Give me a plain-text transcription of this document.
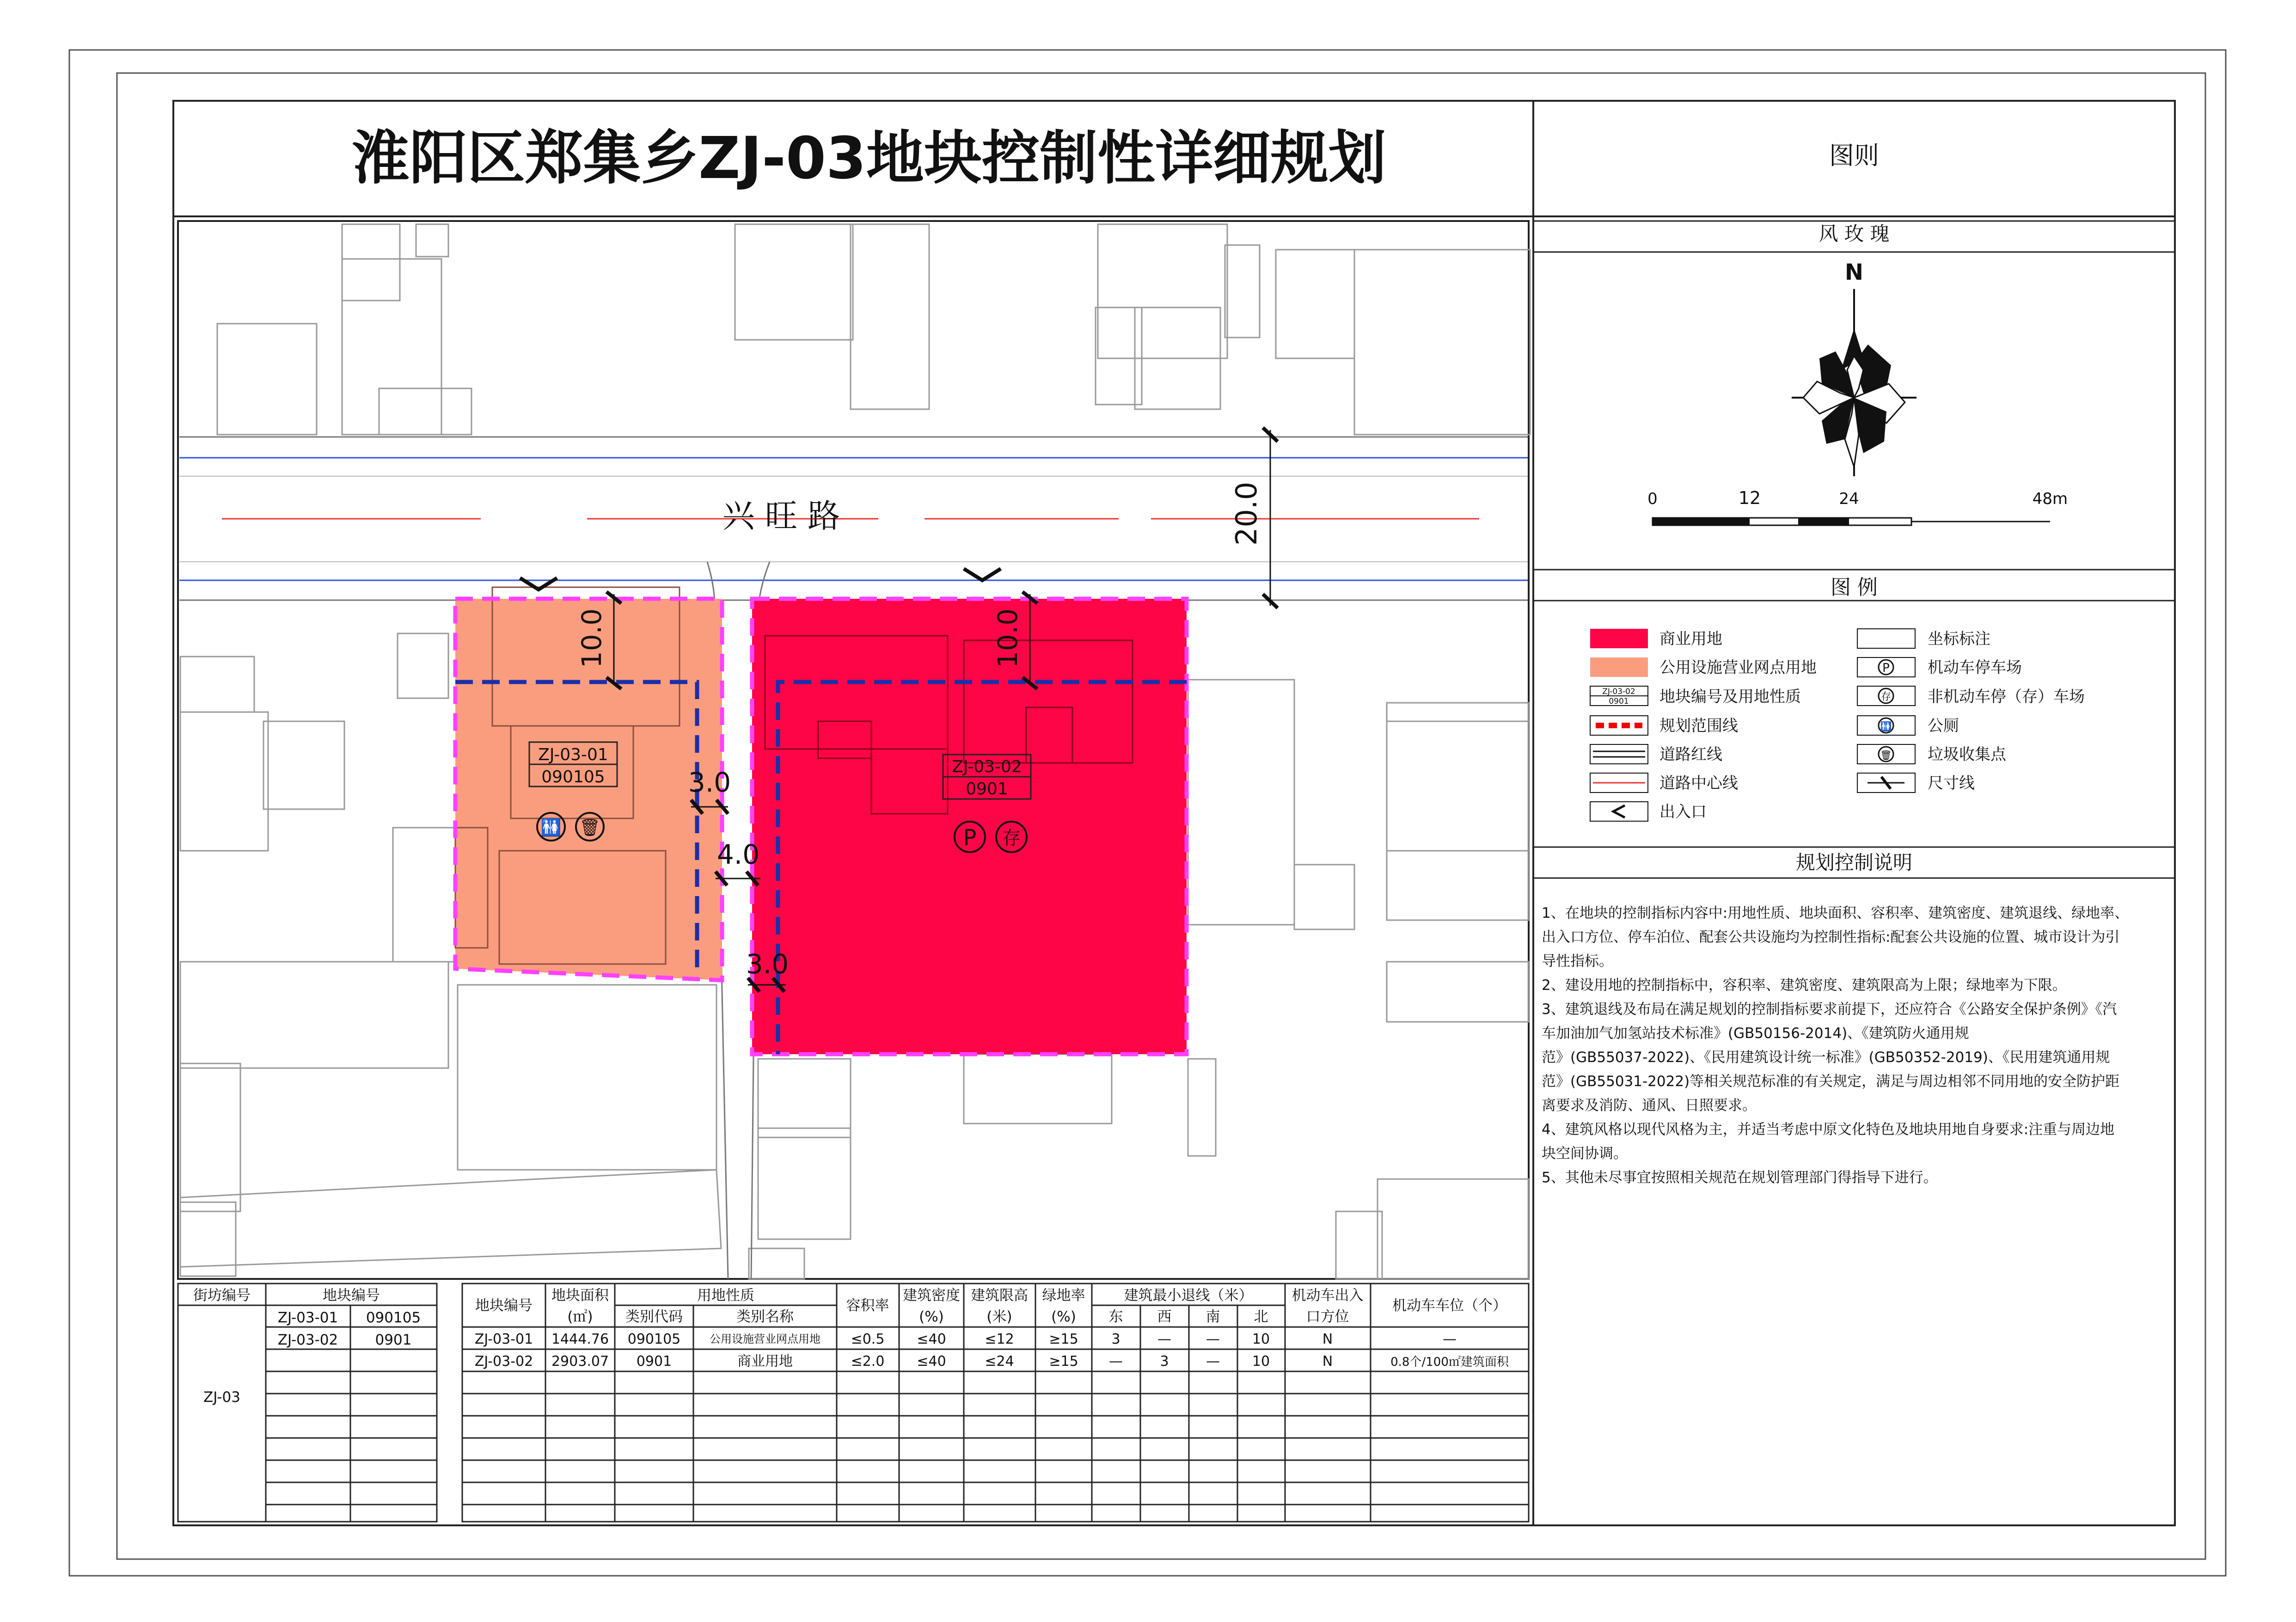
淮阳区郑集乡ZJ-03地块控制性详细规划	图则
兴 旺 路	20.0
ZJ-03-01
090105
🚻 🗑
ZJ-03-02
0901
P 存
10.0	10.0
3.0
4.0
3.0
风 玫 瑰
N
0	12	24	48m
图 例
商业用地
公用设施营业网点用地
ZJ-03-02
0901 地块编号及用地性质
规划范围线
道路红线
道路中心线
出入口
坐标标注
P 机动车停车场
存 非机动车停（存）车场
🚻 公厕
🗑 垃圾收集点
尺寸线
规划控制说明
1、在地块的控制指标内容中:用地性质、地块面积、容积率、建筑密度、建筑退线、绿地率、
出入口方位、停车泊位、配套公共设施均为控制性指标:配套公共设施的位置、城市设计为引
导性指标。
2、建设用地的控制指标中，容积率、建筑密度、建筑限高为上限；绿地率为下限。
3、建筑退线及布局在满足规划的控制指标要求前提下，还应符合《公路安全保护条例》《汽
车加油加气加氢站技术标准》(GB50156-2014)、《建筑防火通用规
范》(GB55037-2022)、《民用建筑设计统一标准》(GB50352-2019)、《民用建筑通用规
范》(GB55031-2022)等相关规范标准的有关规定，满足与周边相邻不同用地的安全防护距
离要求及消防、通风、日照要求。
4、建筑风格以现代风格为主，并适当考虑中原文化特色及地块用地自身要求:注重与周边地
块空间协调。
5、其他未尽事宜按照相关规范在规划管理部门得指导下进行。
街坊编号	地块编号
ZJ-03
ZJ-03-01 090105
ZJ-03-02	0901
地块编号
地块面积
(㎡)
用地性质
类别代码	类别名称
容积率
建筑密度
(%)
建筑限高
(米)
绿地率
(%)
建筑最小退线（米）
东 西 南 北
机动车出入
口方位
机动车车位（个）
ZJ-03-01 1444.76 090105	公用设施营业网点用地 ≤0.5 ≤40	≤12	≥15 3	—	— 10	N	—
ZJ-03-02 2903.07 0901	商业用地	≤2.0 ≤40	≤24	≥15 —	3	— 10	N	0.8个/100㎡建筑面积
